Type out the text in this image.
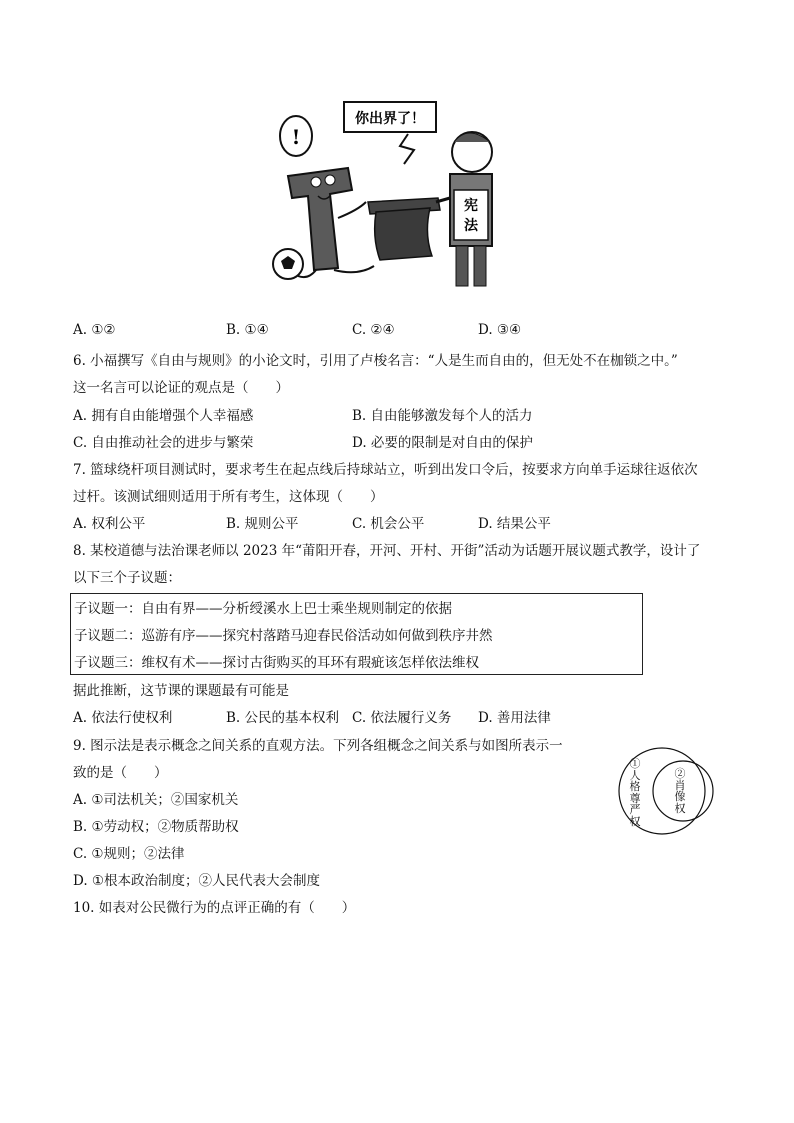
你出界了！
!
宪
法
A. ①②	B. ①④	C. ②④	D. ③④
6. 小福撰写《自由与规则》的小论文时，引用了卢梭名言：“人是生而自由的，但无处不在枷锁之中。”
这一名言可以论证的观点是（　　）
A. 拥有自由能增强个人幸福感	B. 自由能够激发每个人的活力
C. 自由推动社会的进步与繁荣	D. 必要的限制是对自由的保护
7. 篮球绕杆项目测试时，要求考生在起点线后持球站立，听到出发口令后，按要求方向单手运球往返依次
过杆。该测试细则适用于所有考生，这体现（　　）
A. 权利公平	B. 规则公平	C. 机会公平	D. 结果公平
8. 某校道德与法治课老师以 2023 年“莆阳开春，开河、开村、开街”活动为话题开展议题式教学，设计了
以下三个子议题：
子议题一：自由有界——分析绶溪水上巴士乘坐规则制定的依据
子议题二：巡游有序——探究村落踏马迎春民俗活动如何做到秩序井然
子议题三：维权有术——探讨古街购买的耳环有瑕疵该怎样依法维权
据此推断，这节课的课题最有可能是
A. 依法行使权利	B. 公民的基本权利 C. 依法履行义务 D. 善用法律
9. 图示法是表示概念之间关系的直观方法。下列各组概念之间关系与如图所表示一
致的是（　　）
A. ①司法机关；②国家机关
B. ①劳动权；②物质帮助权
C. ①规则；②法律
D. ①根本政治制度；②人民代表大会制度
①人格尊严权
②肖像权
10. 如表对公民微行为的点评正确的有（　　）
